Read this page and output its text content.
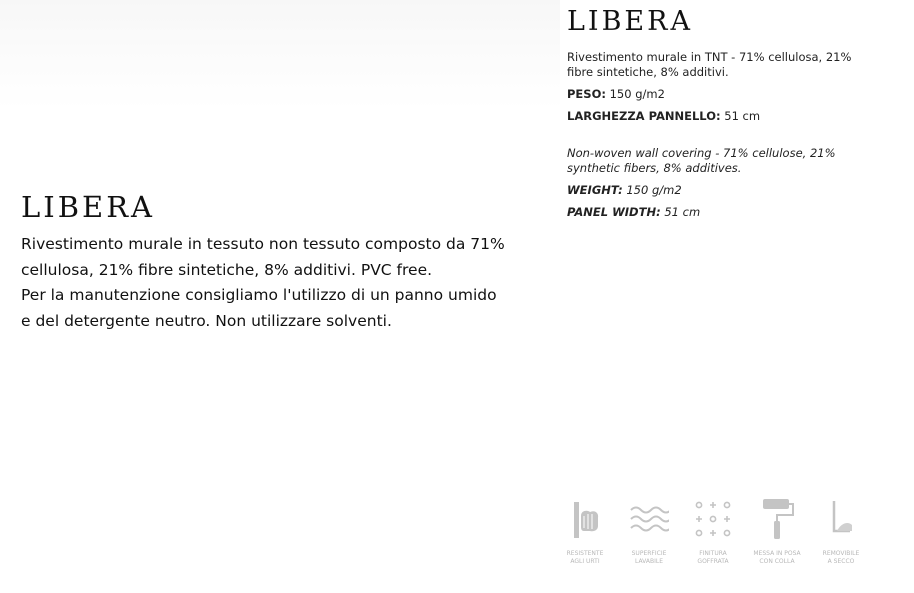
LIBERA

Rivestimento murale in TNT - 71% cellulosa, 21%

fibre sintetiche, 8% additivi.

PESO: 150 g/m2

LARGHEZZA PANNELLO: 51 cm

Non-woven wall covering - 71% cellulose, 21%

synthetic fibers, 8% additives.

WEIGHT: 150 g/m2

PANEL WIDTH: 51 cm

LIBERA

Rivestimento murale in tessuto non tessuto composto da 71%

cellulosa, 21% fibre sintetiche, 8% additivi. PVC free.

Per la manutenzione consigliamo l'utilizzo di un panno umido

e del detergente neutro. Non utilizzare solventi.

RESISTENTE
AGLI URTI
SUPERFICIE
LAVABILE
FINITURA
GOFFRATA
MESSA IN POSA
CON COLLA
REMOVIBILE
A SECCO
